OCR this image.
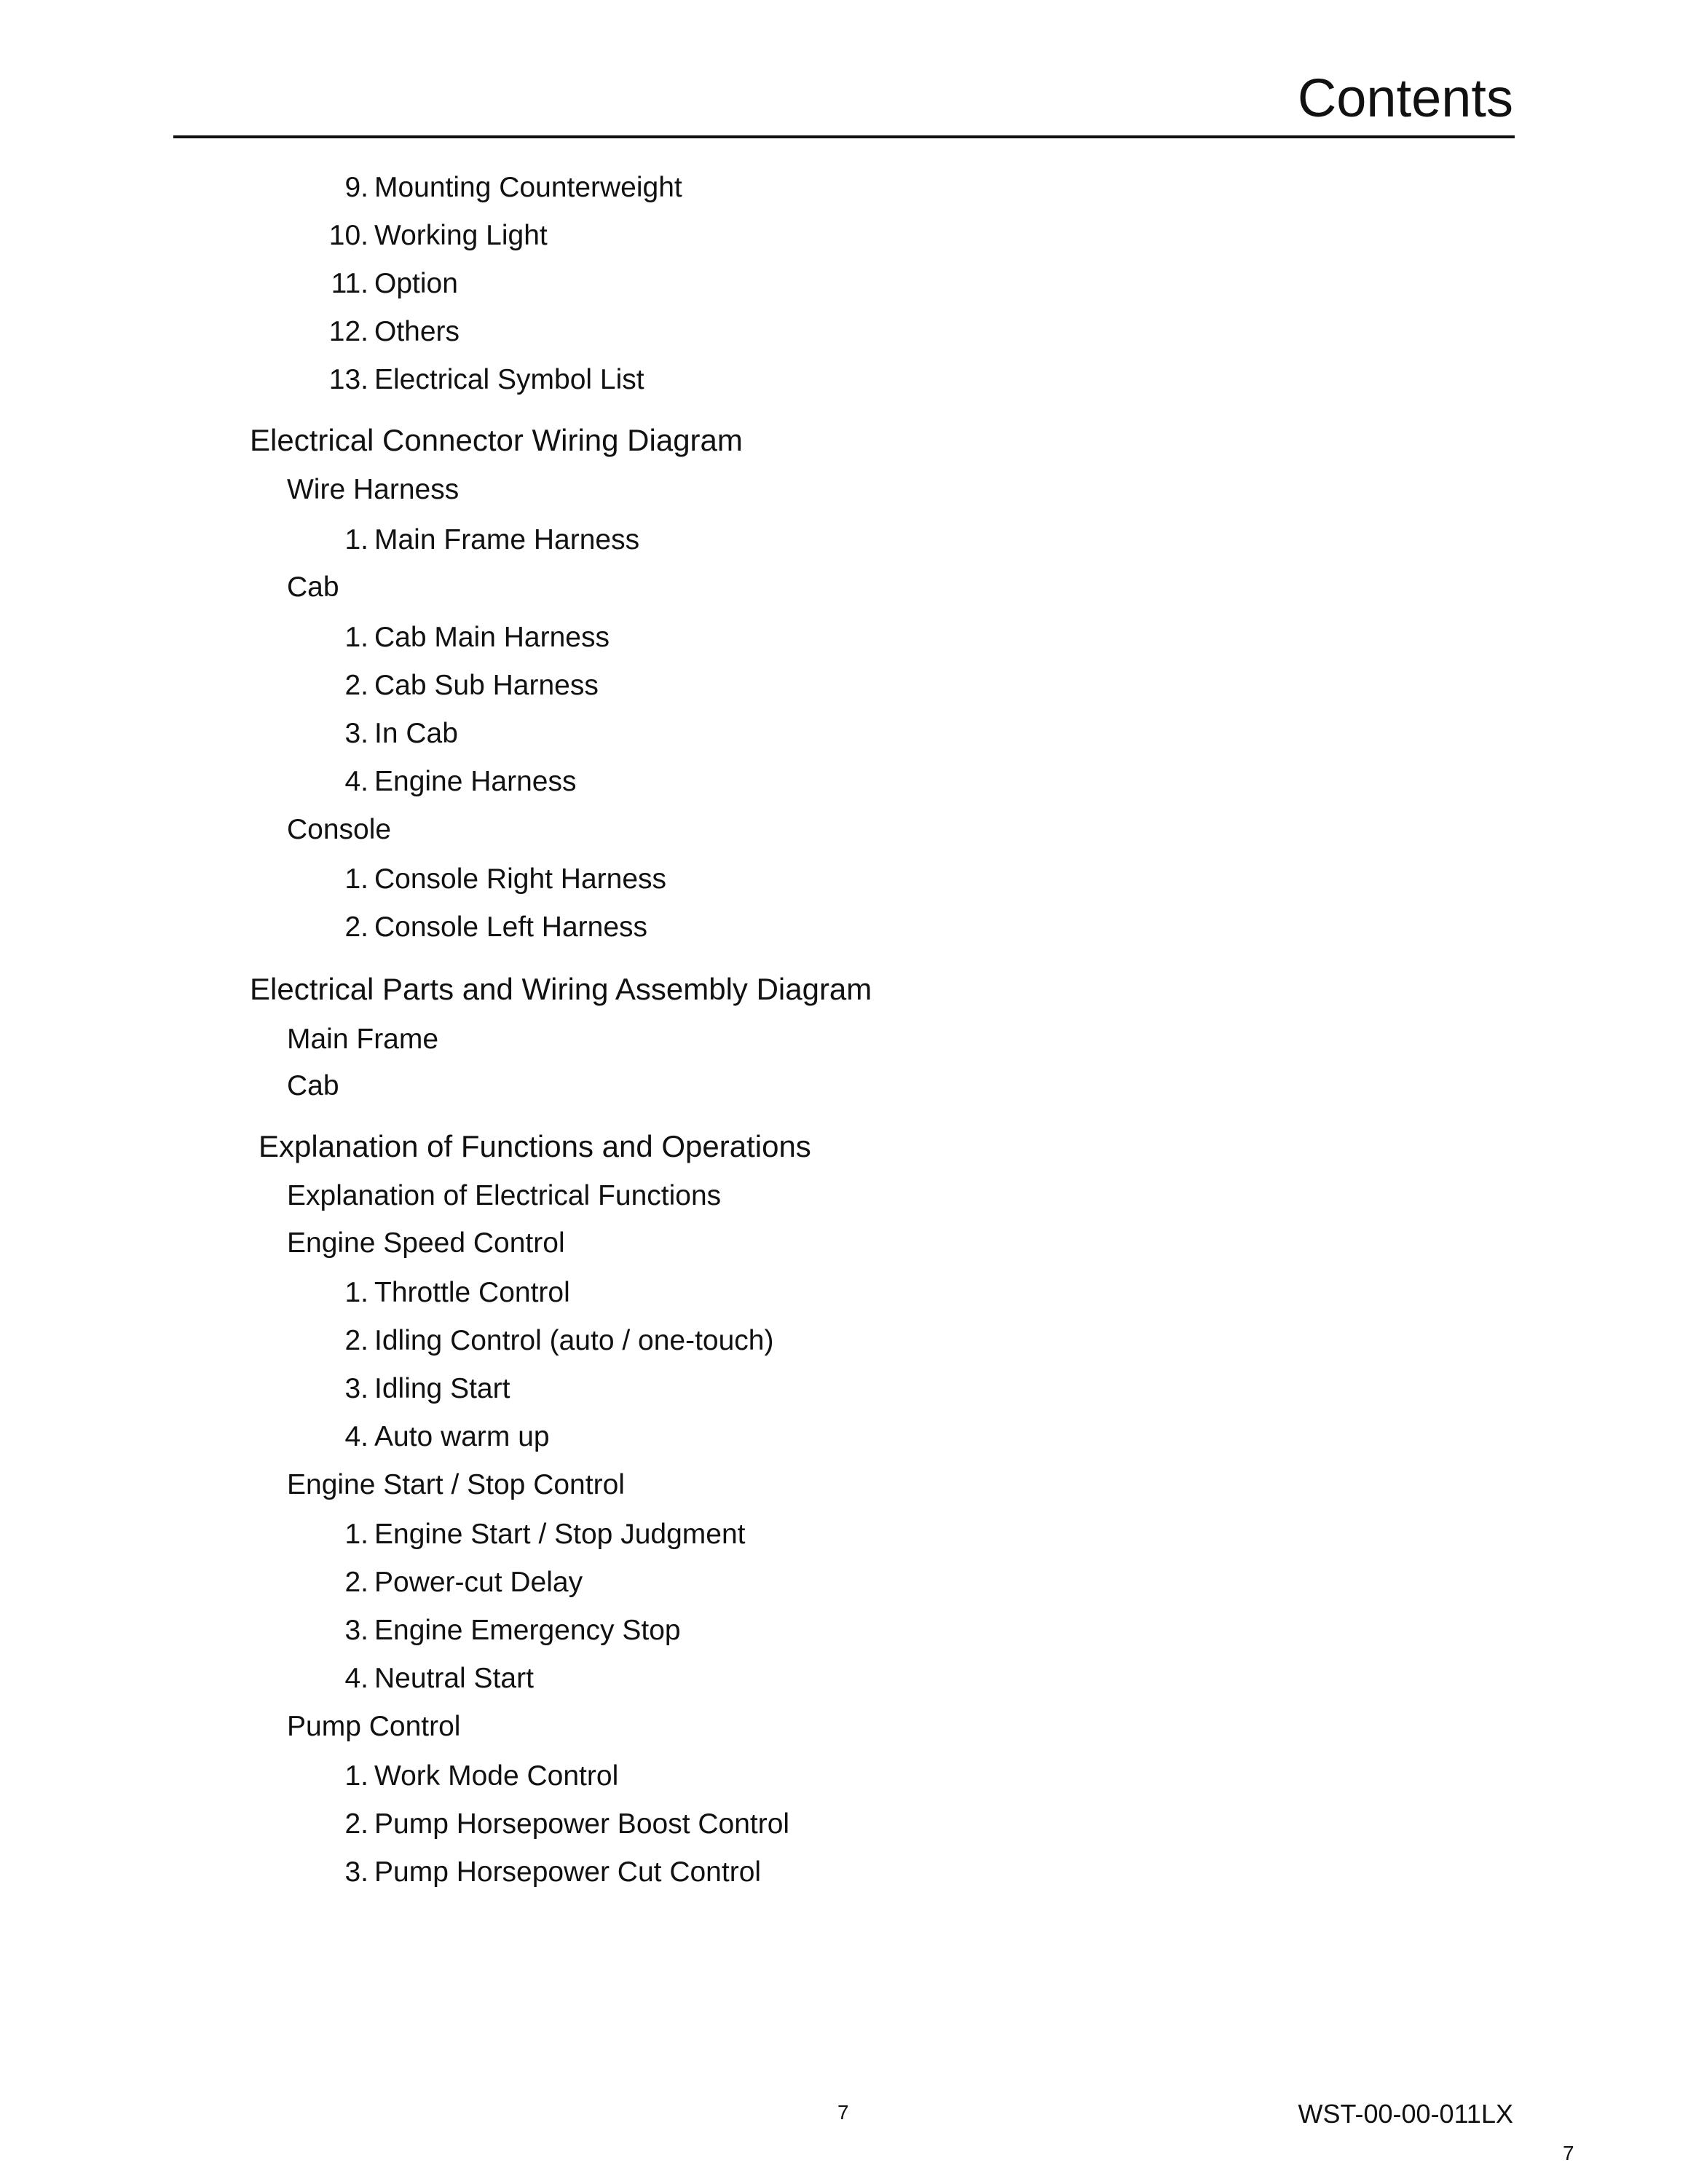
Contents
9. Mounting Counterweight
10. Working Light
11. Option
12. Others
13. Electrical Symbol List
Electrical Connector Wiring Diagram
Wire Harness
1. Main Frame Harness
Cab
1. Cab Main Harness
2. Cab Sub Harness
3. In Cab
4. Engine Harness
Console
1. Console Right Harness
2. Console Left Harness
Electrical Parts and Wiring Assembly Diagram
Main Frame
Cab
Explanation of Functions and Operations
Explanation of Electrical Functions
Engine Speed Control
1. Throttle Control
2. Idling Control (auto / one-touch)
3. Idling Start
4. Auto warm up
Engine Start / Stop Control
1. Engine Start / Stop Judgment
2. Power-cut Delay
3. Engine Emergency Stop
4. Neutral Start
Pump Control
1. Work Mode Control
2. Pump Horsepower Boost Control
3. Pump Horsepower Cut Control
7	WST-00-00-011LX
7
